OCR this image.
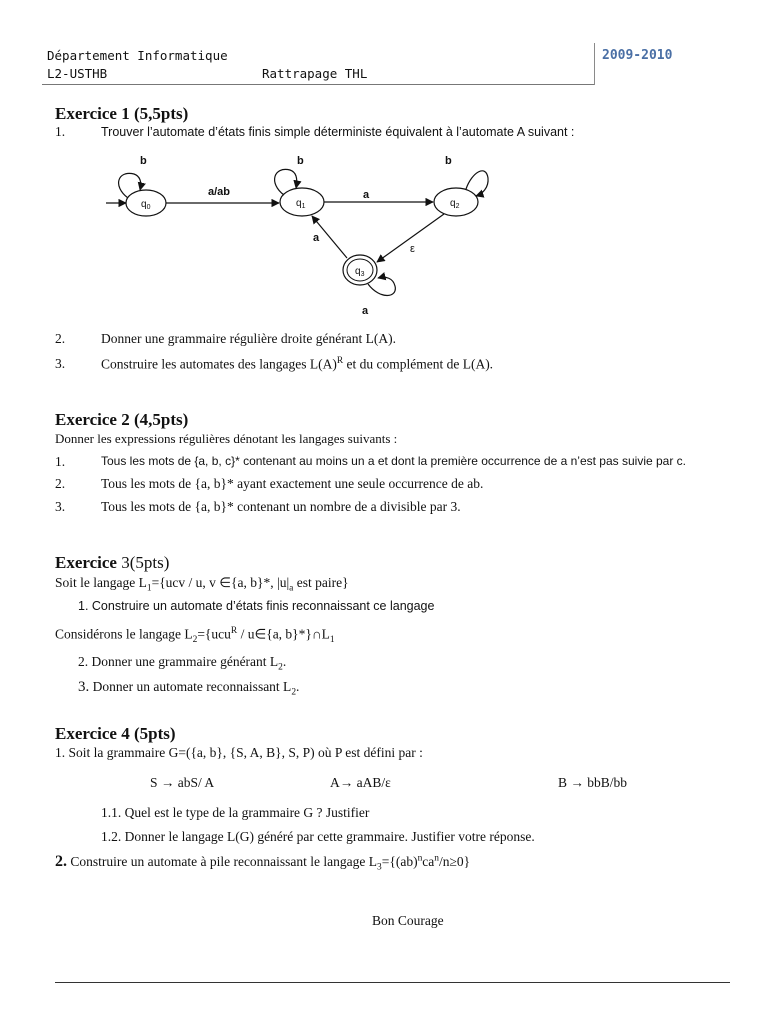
Département Informatique
L2-USTHB	Rattrapage THL
2009-2010
Exercice 1 (5,5pts)
1.	Trouver l’automate d’états finis simple déterministe équivalent à l’automate A suivant :
$q_0$
b
$q_1$
b
$q_2$
b
$q_3$
a
a/ab	a
a
ε
2.	Donner une grammaire régulière droite générant L(A).
3.	Construire les automates des langages $L(A)^R$ et du complément de L(A).
Exercice 2 (4,5pts)
Donner les expressions régulières dénotant les langages suivants :
1.	Tous les mots de {a, b, c}* contenant au moins un a et dont la première occurrence de a n’est pas suivie par c.
2.	Tous les mots de {a, b}* ayant exactement une seule occurrence de ab.
3.	Tous les mots de {a, b}* contenant un nombre de a divisible par 3.
Exercice 3(5pts)
Soit le langage $L_1=\{ucv / u$, v ∈{a, b}*, $|u|_a$ est paire}
1. Construire un automate d’états finis reconnaissant ce langage
Considérons le langage $L_2=\{ucu^R$ / u∈{a, $b\}*\}\cap L_1$
2. Donner une grammaire générant $L_2$.
3. Donner un automate reconnaissant $L_2$.
Exercice 4 (5pts)
1. Soit la grammaire G=({a, b}, {S, A, B}, S, P) où P est défini par :
S → abS/ A	A→ aAB/ε	B → bbB/bb
1.1. Quel est le type de la grammaire G ? Justifier
1.2. Donner le langage L(G) généré par cette grammaire. Justifier votre réponse.
2. Construire un automate à pile reconnaissant le langage $L_3=\{(ab)^nca^n/n\ge 0\}$
Bon Courage
